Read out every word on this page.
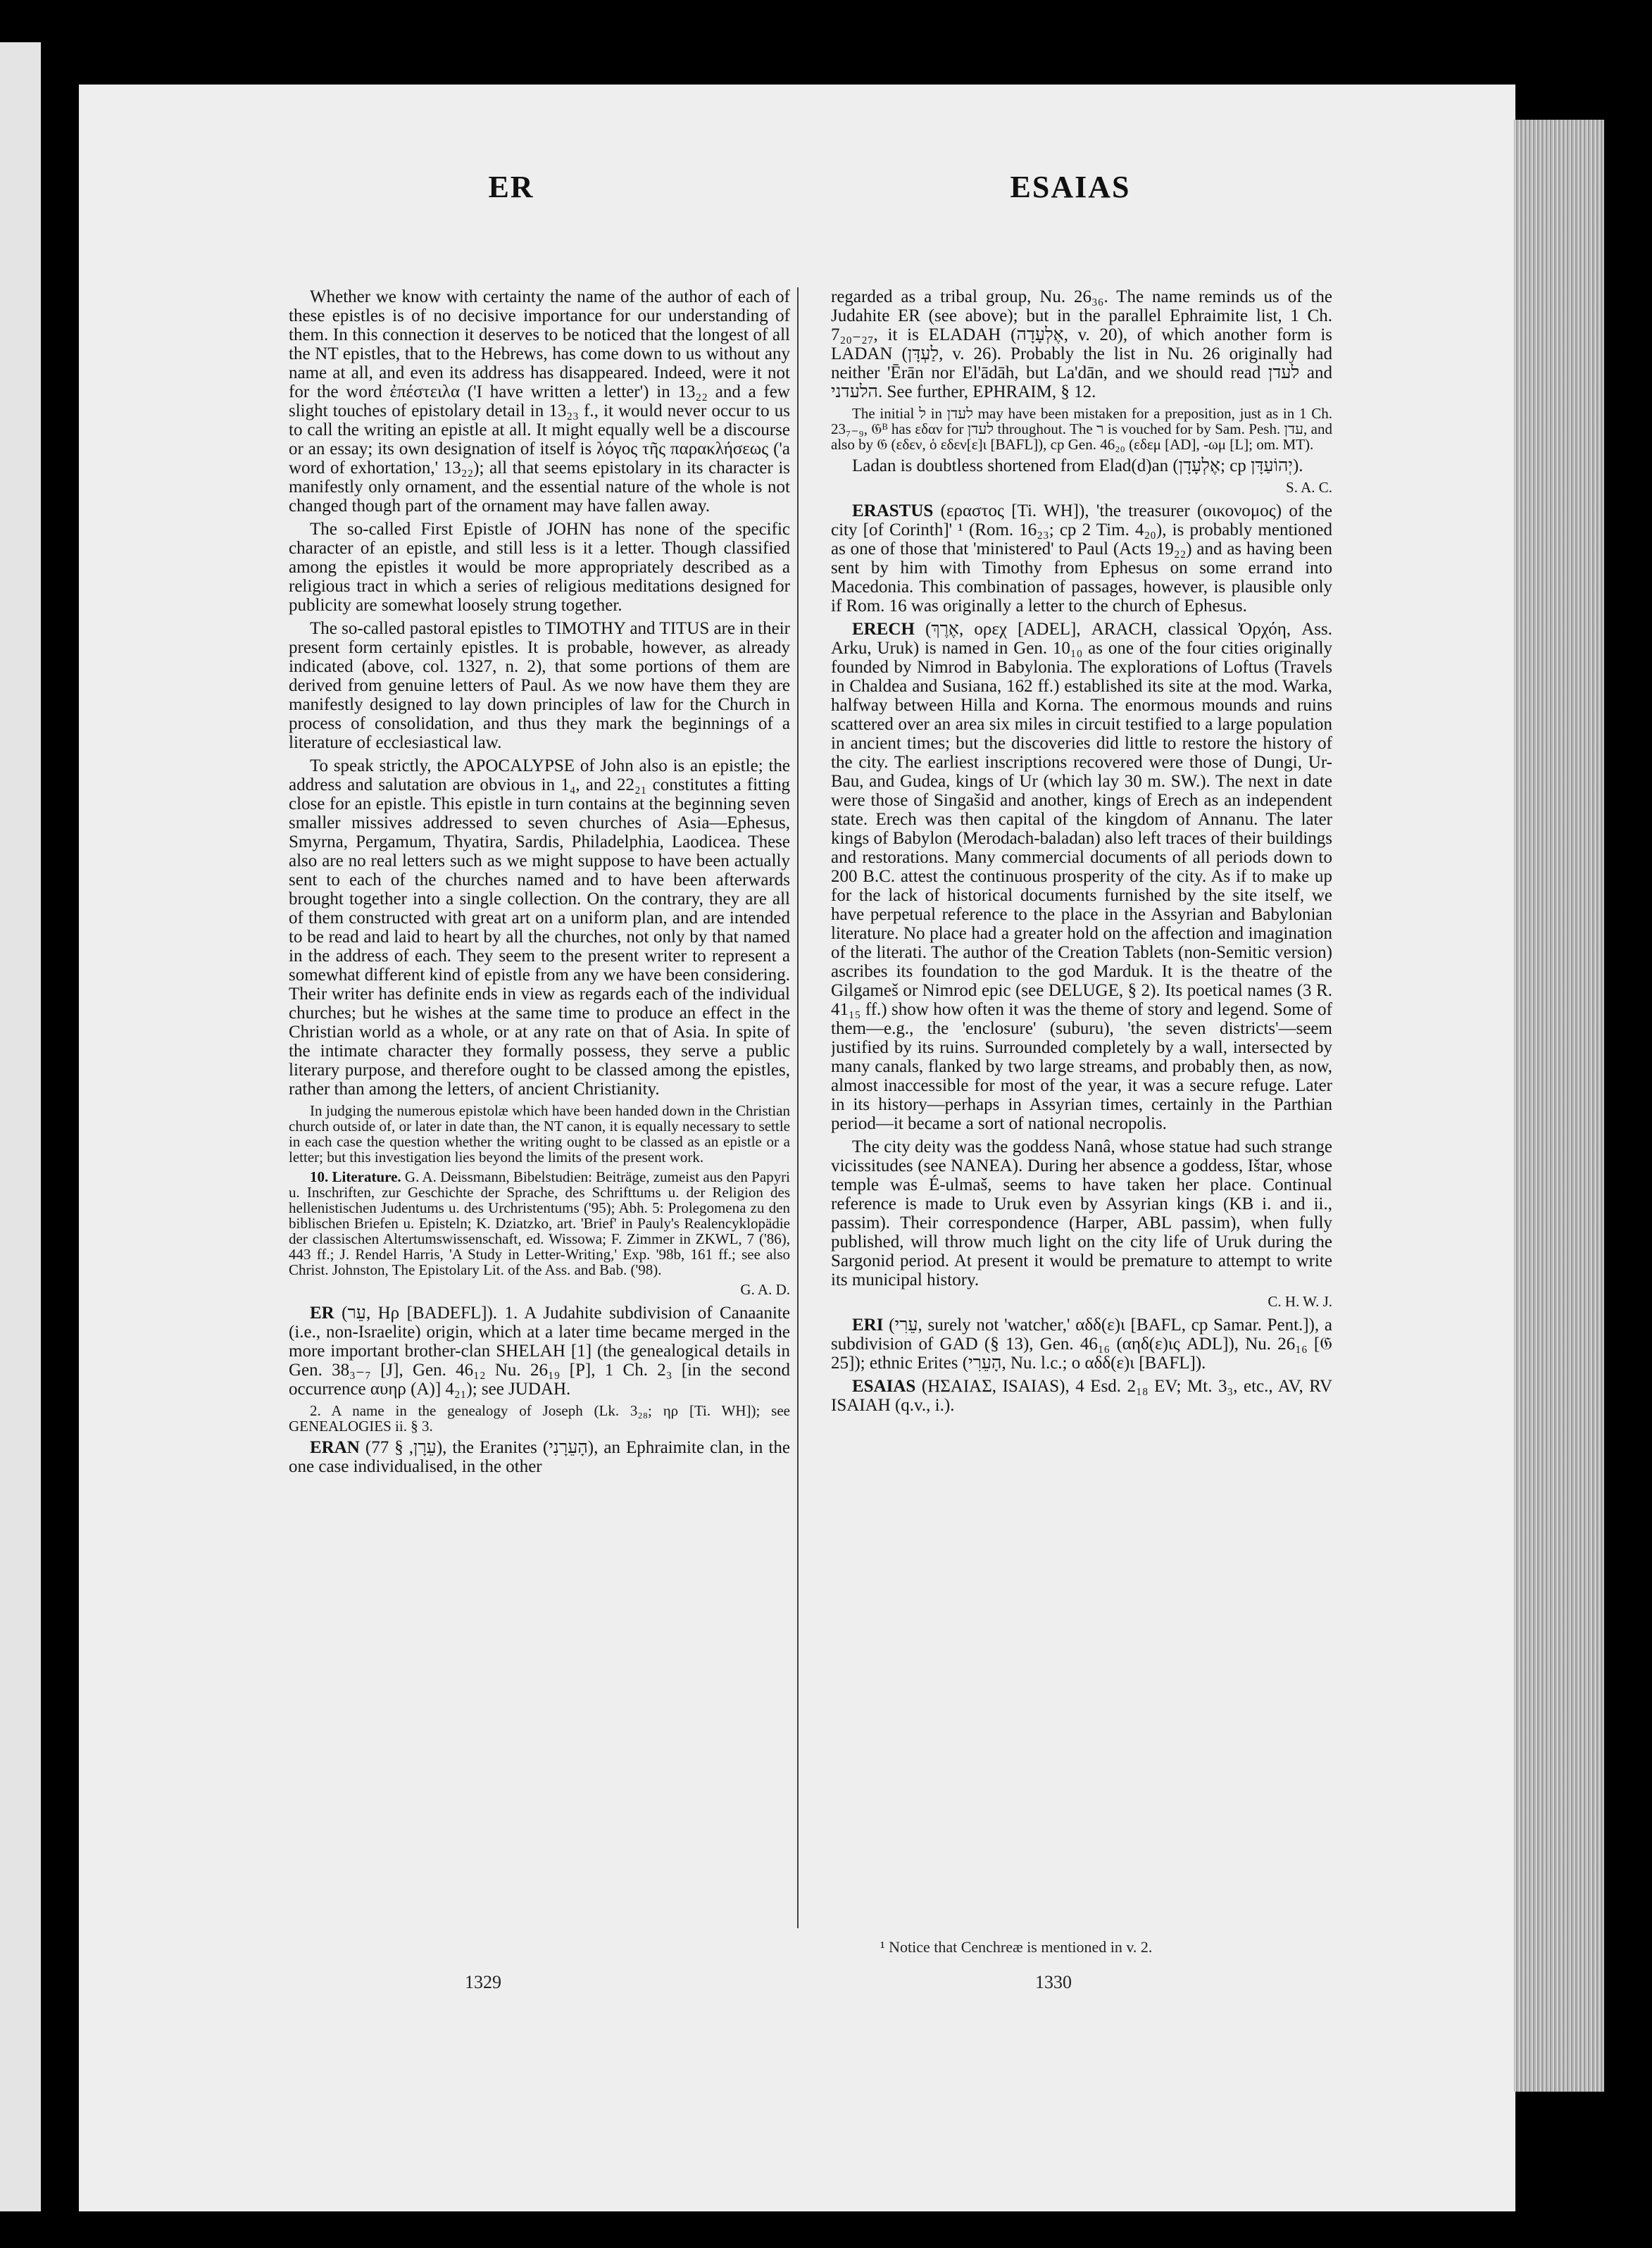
ER	ESAIAS

Whether we know with certainty the name of the author of each of these epistles is of no decisive importance for our understanding of them. In this connection it deserves to be noticed that the longest of all the NT epistles, that to the Hebrews, has come down to us without any name at all, and even its address has disappeared. Indeed, were it not for the word ἐπέστειλα ('I have written a letter') in 13₂₂ and a few slight touches of epistolary detail in 13₂₃ f., it would never occur to us to call the writing an epistle at all. It might equally well be a discourse or an essay; its own designation of itself is λόγος τῆς παρακλήσεως ('a word of exhortation,' 13₂₂); all that seems epistolary in its character is manifestly only ornament, and the essential nature of the whole is not changed though part of the ornament may have fallen away.

The so-called First Epistle of JOHN has none of the specific character of an epistle, and still less is it a letter. Though classified among the epistles it would be more appropriately described as a religious tract in which a series of religious meditations designed for publicity are somewhat loosely strung together.

The so-called pastoral epistles to TIMOTHY and TITUS are in their present form certainly epistles. It is probable, however, as already indicated (above, col. 1327, n. 2), that some portions of them are derived from genuine letters of Paul. As we now have them they are manifestly designed to lay down principles of law for the Church in process of consolidation, and thus they mark the beginnings of a literature of ecclesiastical law.

To speak strictly, the APOCALYPSE of John also is an epistle; the address and salutation are obvious in 1₄, and 22₂₁ constitutes a fitting close for an epistle. This epistle in turn contains at the beginning seven smaller missives addressed to seven churches of Asia—Ephesus, Smyrna, Pergamum, Thyatira, Sardis, Philadelphia, Laodicea. These also are no real letters such as we might suppose to have been actually sent to each of the churches named and to have been afterwards brought together into a single collection. On the contrary, they are all of them constructed with great art on a uniform plan, and are intended to be read and laid to heart by all the churches, not only by that named in the address of each. They seem to the present writer to represent a somewhat different kind of epistle from any we have been considering. Their writer has definite ends in view as regards each of the individual churches; but he wishes at the same time to produce an effect in the Christian world as a whole, or at any rate on that of Asia. In spite of the intimate character they formally possess, they serve a public literary purpose, and therefore ought to be classed among the epistles, rather than among the letters, of ancient Christianity.

In judging the numerous epistolæ which have been handed down in the Christian church outside of, or later in date than, the NT canon, it is equally necessary to settle in each case the question whether the writing ought to be classed as an epistle or a letter; but this investigation lies beyond the limits of the present work.

10. Literature. G. A. Deissmann, Bibelstudien: Beiträge, zumeist aus den Papyri u. Inschriften, zur Geschichte der Sprache, des Schrifttums u. der Religion des hellenistischen Judentums u. des Urchristentums ('95); Abh. 5: Prolegomena zu den biblischen Briefen u. Episteln; K. Dziatzko, art. 'Brief' in Pauly's Realencyklopädie der classischen Altertumswissenschaft, ed. Wissowa; F. Zimmer in ZKWL, 7 ('86), 443 ff.; J. Rendel Harris, 'A Study in Letter-Writing,' Exp. '98b, 161 ff.; see also Christ. Johnston, The Epistolary Lit. of the Ass. and Bab. ('98).

G. A. D.

ER (עֵר, Ηρ [BADEFL]). 1. A Judahite subdivision of Canaanite (i.e., non-Israelite) origin, which at a later time became merged in the more important brother-clan SHELAH [1] (the genealogical details in Gen. 38₃₋₇ [J], Gen. 46₁₂ Nu. 26₁₉ [P], 1 Ch. 2₃ [in the second occurrence αυηρ (A)] 4₂₁); see JUDAH.

2. A name in the genealogy of Joseph (Lk. 3₂₈; ηρ [Ti. WH]); see GENEALOGIES ii. § 3.

ERAN (עֵרָן, § 77), the Eranites (הָעֵרָנִי), an Ephraimite clan, in the one case individualised, in the other

regarded as a tribal group, Nu. 26₃₆. The name reminds us of the Judahite ER (see above); but in the parallel Ephraimite list, 1 Ch. 7₂₀₋₂₇, it is ELADAH (אֶלְעָדָה, v. 20), of which another form is LADAN (לַעְדָּן, v. 26). Probably the list in Nu. 26 originally had neither 'Ērān nor El'ādāh, but La'dān, and we should read לעדן and הלעדני. See further, EPHRAIM, § 12.

The initial ל in לעדן may have been mistaken for a preposition, just as in 1 Ch. 23₇₋₉, 𝔊ᴮ has εδαν for לעדן throughout. The ר is vouched for by Sam. Pesh. עדן, and also by 𝔊 (εδεν, ὁ εδεν[ε]ι [BAFL]), cp Gen. 46₂₀ (εδεμ [AD], -ωμ [L]; om. MT).

Ladan is doubtless shortened from Elad(d)an (אֶלְעָדָן; cp יְהוֹעַדָּן).

S. A. C.

ERASTUS (εραστος [Ti. WH]), 'the treasurer (οικονομος) of the city [of Corinth]' ¹ (Rom. 16₂₃; cp 2 Tim. 4₂₀), is probably mentioned as one of those that 'ministered' to Paul (Acts 19₂₂) and as having been sent by him with Timothy from Ephesus on some errand into Macedonia. This combination of passages, however, is plausible only if Rom. 16 was originally a letter to the church of Ephesus.

ERECH (אֶרֶךְ, ορεχ [ADEL], ARACH, classical Ὀρχόη, Ass. Arku, Uruk) is named in Gen. 10₁₀ as one of the four cities originally founded by Nimrod in Babylonia. The explorations of Loftus (Travels in Chaldea and Susiana, 162 ff.) established its site at the mod. Warka, halfway between Hilla and Korna. The enormous mounds and ruins scattered over an area six miles in circuit testified to a large population in ancient times; but the discoveries did little to restore the history of the city. The earliest inscriptions recovered were those of Dungi, Ur-Bau, and Gudea, kings of Ur (which lay 30 m. SW.). The next in date were those of Singašid and another, kings of Erech as an independent state. Erech was then capital of the kingdom of Annanu. The later kings of Babylon (Merodach-baladan) also left traces of their buildings and restorations. Many commercial documents of all periods down to 200 B.C. attest the continuous prosperity of the city. As if to make up for the lack of historical documents furnished by the site itself, we have perpetual reference to the place in the Assyrian and Babylonian literature. No place had a greater hold on the affection and imagination of the literati. The author of the Creation Tablets (non-Semitic version) ascribes its foundation to the god Marduk. It is the theatre of the Gilgameš or Nimrod epic (see DELUGE, § 2). Its poetical names (3 R. 41₁₅ ff.) show how often it was the theme of story and legend. Some of them—e.g., the 'enclosure' (suburu), 'the seven districts'—seem justified by its ruins. Surrounded completely by a wall, intersected by many canals, flanked by two large streams, and probably then, as now, almost inaccessible for most of the year, it was a secure refuge. Later in its history—perhaps in Assyrian times, certainly in the Parthian period—it became a sort of national necropolis.

The city deity was the goddess Nanâ, whose statue had such strange vicissitudes (see NANEA). During her absence a goddess, Ištar, whose temple was É-ulmaš, seems to have taken her place. Continual reference is made to Uruk even by Assyrian kings (KB i. and ii., passim). Their correspondence (Harper, ABL passim), when fully published, will throw much light on the city life of Uruk during the Sargonid period. At present it would be premature to attempt to write its municipal history.

C. H. W. J.

ERI (עֵרִי, surely not 'watcher,' αδδ(ε)ι [BAFL, cp Samar. Pent.]), a subdivision of GAD (§ 13), Gen. 46₁₆ (αηδ(ε)ις ADL]), Nu. 26₁₆ [𝔊 25]); ethnic Erites (הָעֵרִי, Nu. l.c.; ο αδδ(ε)ι [BAFL]).

ESAIAS (ΗΣΑΙΑΣ, ISAIAS), 4 Esd. 2₁₈ EV; Mt. 3₃, etc., AV, RV ISAIAH (q.v., i.).

¹ Notice that Cenchreæ is mentioned in v. 2.
1329	1330
